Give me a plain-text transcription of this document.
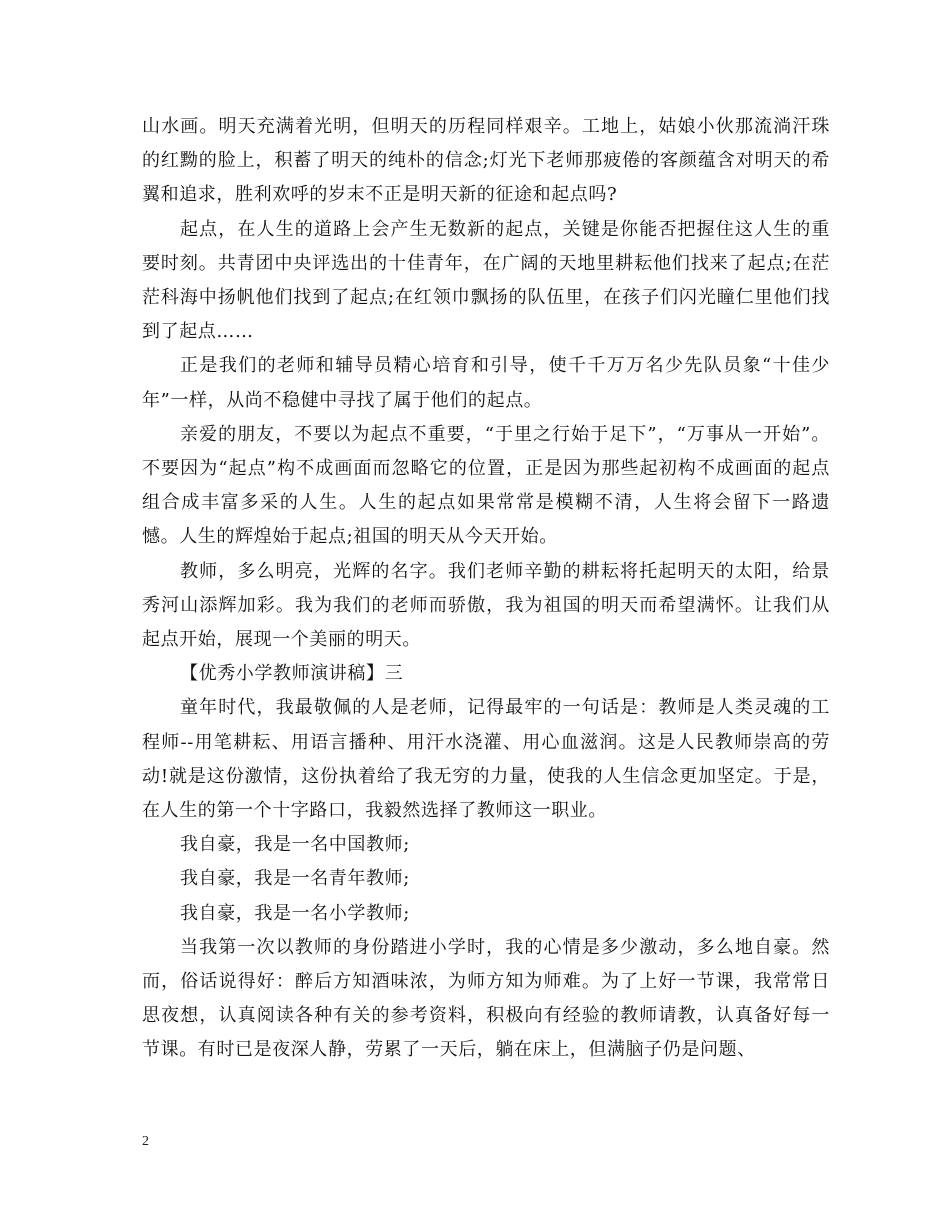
山水画。明天充满着光明，但明天的历程同样艰辛。工地上，姑娘小伙那流淌汗珠的红黝的脸上，积蓄了明天的纯朴的信念;灯光下老师那疲倦的客颜蕴含对明天的希翼和追求，胜利欢呼的岁末不正是明天新的征途和起点吗?

起点，在人生的道路上会产生无数新的起点，关键是你能否把握住这人生的重要时刻。共青团中央评选出的十佳青年，在广阔的天地里耕耘他们找来了起点;在茫茫科海中扬帆他们找到了起点;在红领巾飘扬的队伍里，在孩子们闪光瞳仁里他们找到了起点……

正是我们的老师和辅导员精心培育和引导，使千千万万名少先队员象“十佳少年”一样，从尚不稳健中寻找了属于他们的起点。

亲爱的朋友，不要以为起点不重要，“于里之行始于足下”，“万事从一开始”。不要因为“起点”构不成画面而忽略它的位置，正是因为那些起初构不成画面的起点组合成丰富多采的人生。人生的起点如果常常是模糊不清，人生将会留下一路遗憾。人生的辉煌始于起点;祖国的明天从今天开始。

教师，多么明亮，光辉的名字。我们老师辛勤的耕耘将托起明天的太阳，给景秀河山添辉加彩。我为我们的老师而骄傲，我为祖国的明天而希望满怀。让我们从起点开始，展现一个美丽的明天。

【优秀小学教师演讲稿】三

童年时代，我最敬佩的人是老师，记得最牢的一句话是：教师是人类灵魂的工程师--用笔耕耘、用语言播种、用汗水浇灌、用心血滋润。这是人民教师崇高的劳动!就是这份激情，这份执着给了我无穷的力量，使我的人生信念更加坚定。于是，在人生的第一个十字路口，我毅然选择了教师这一职业。

我自豪，我是一名中国教师;

我自豪，我是一名青年教师;

我自豪，我是一名小学教师;

当我第一次以教师的身份踏进小学时，我的心情是多少激动，多么地自豪。然而，俗话说得好：醉后方知酒味浓，为师方知为师难。为了上好一节课，我常常日思夜想，认真阅读各种有关的参考资料，积极向有经验的教师请教，认真备好每一节课。有时已是夜深人静，劳累了一天后，躺在床上，但满脑子仍是问题、

2
